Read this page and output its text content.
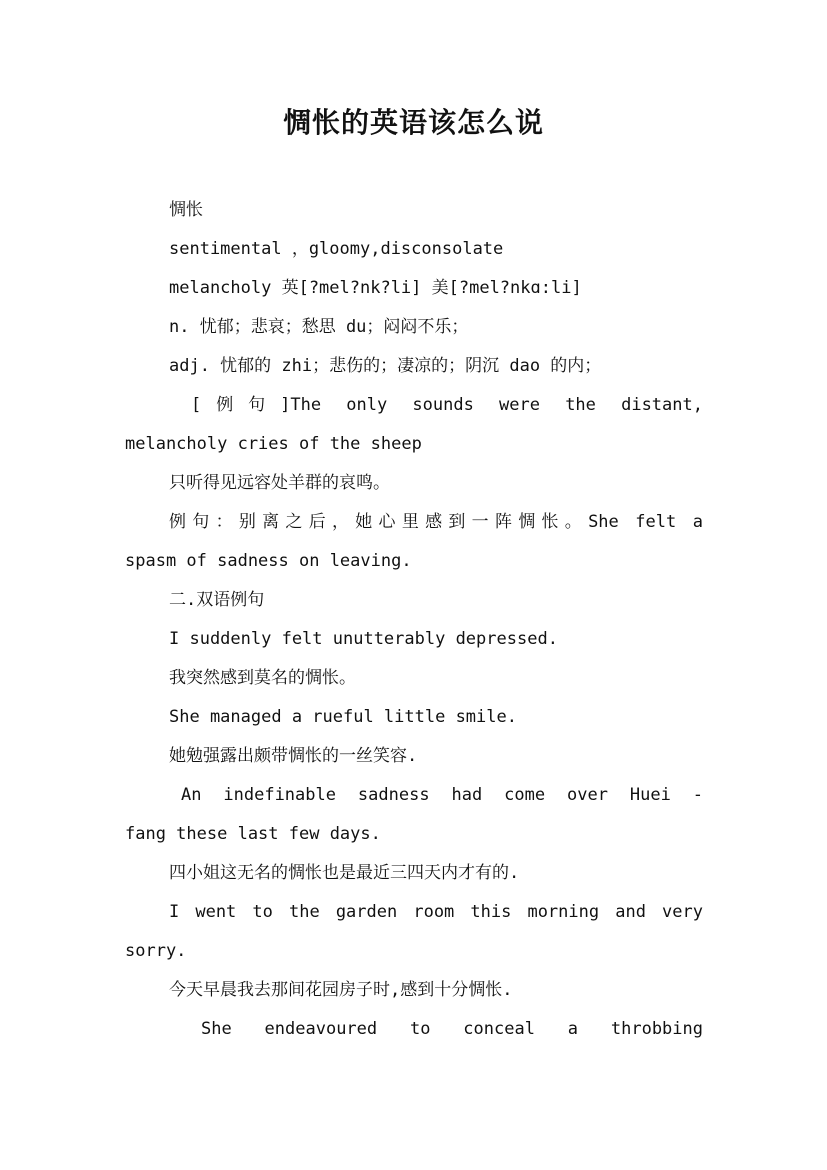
惆怅的英语该怎么说

惆怅

sentimental ，gloomy,disconsolate

melancholy 英[?mel?nk?li] 美[?mel?nkɑ:li]

n. 忧郁；悲哀；愁思 du；闷闷不乐；

adj. 忧郁的 zhi；悲伤的；凄凉的；阴沉 dao 的内；

[例句]The only sounds were the distant,

melancholy cries of the sheep

只听得见远容处羊群的哀鸣。

例句：别离之后，她心里感到一阵惆怅。She felt a

spasm of sadness on leaving.

二.双语例句

I suddenly felt unutterably depressed.

我突然感到莫名的惆怅。

She managed a rueful little smile.

她勉强露出颇带惆怅的一丝笑容.

An indefinable sadness had come over Huei -

fang these last few days.

四小姐这无名的惆怅也是最近三四天内才有的.

I went to the garden room this morning and very

sorry.

今天早晨我去那间花园房子时,感到十分惆怅.

She endeavoured to conceal a throbbing
